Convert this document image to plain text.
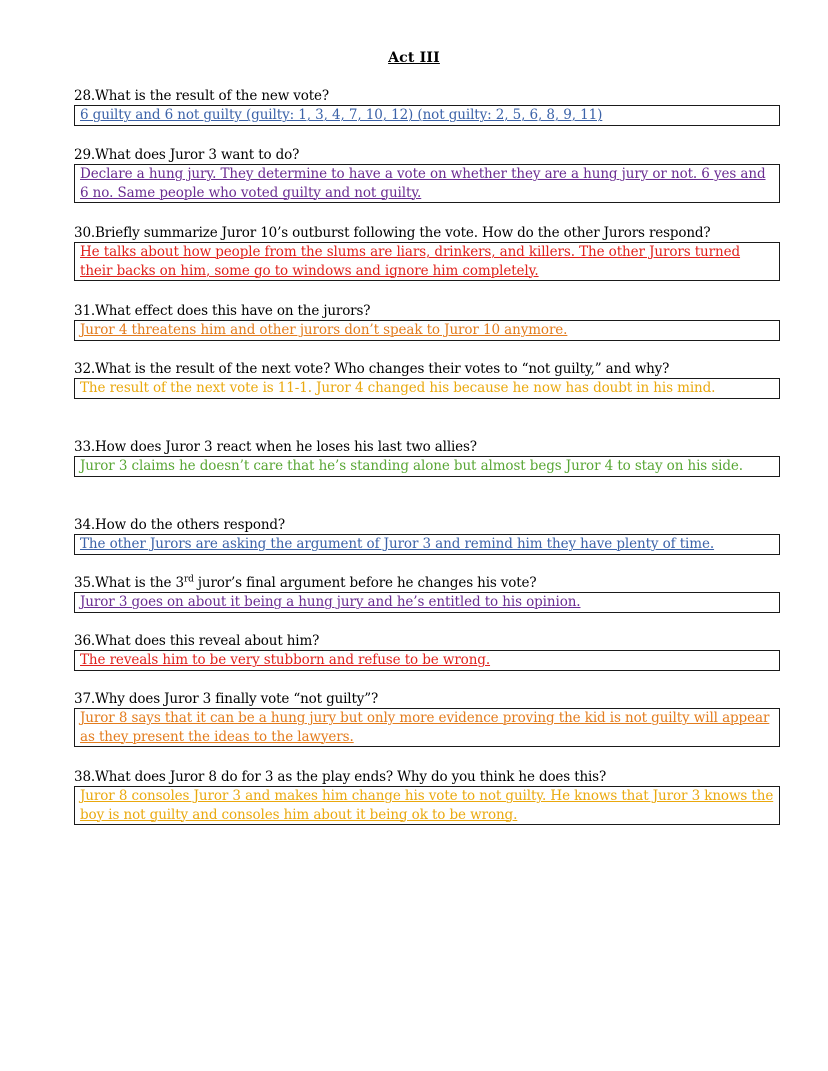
Act III
28.What is the result of the new vote?
6 guilty and 6 not guilty (guilty: 1, 3, 4, 7, 10, 12) (not guilty: 2, 5, 6, 8, 9, 11)
29.What does Juror 3 want to do?
Declare a hung jury. They determine to have a vote on whether they are a hung jury or not. 6 yes and 6 no. Same people who voted guilty and not guilty.
30.Briefly summarize Juror 10’s outburst following the vote. How do the other Jurors respond?
He talks about how people from the slums are liars, drinkers, and killers. The other Jurors turned their backs on him, some go to windows and ignore him completely.
31.What effect does this have on the jurors?
Juror 4 threatens him and other jurors don’t speak to Juror 10 anymore.
32.What is the result of the next vote? Who changes their votes to “not guilty,” and why?
The result of the next vote is 11-1. Juror 4 changed his because he now has doubt in his mind.
33.How does Juror 3 react when he loses his last two allies?
Juror 3 claims he doesn’t care that he’s standing alone but almost begs Juror 4 to stay on his side.
34.How do the others respond?
The other Jurors are asking the argument of Juror 3 and remind him they have plenty of time.
35.What is the 3rd juror’s final argument before he changes his vote?
Juror 3 goes on about it being a hung jury and he’s entitled to his opinion.
36.What does this reveal about him?
The reveals him to be very stubborn and refuse to be wrong.
37.Why does Juror 3 finally vote “not guilty”?
Juror 8 says that it can be a hung jury but only more evidence proving the kid is not guilty will appear as they present the ideas to the lawyers.
38.What does Juror 8 do for 3 as the play ends? Why do you think he does this?
Juror 8 consoles Juror 3 and makes him change his vote to not guilty. He knows that Juror 3 knows the boy is not guilty and consoles him about it being ok to be wrong.
